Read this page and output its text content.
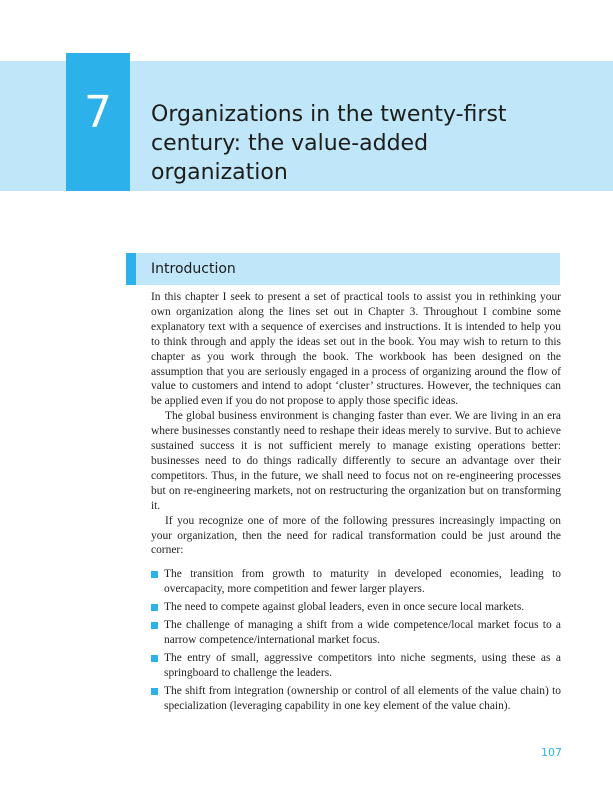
7	Organizations in the twenty-first century: the value-added organization
Introduction

In this chapter I seek to present a set of practical tools to assist you in rethinking your own organization along the lines set out in Chapter 3. Throughout I combine some explanatory text with a sequence of exercises and instructions. It is intended to help you to think through and apply the ideas set out in the book. You may wish to return to this chapter as you work through the book. The workbook has been designed on the assumption that you are seriously engaged in a process of organizing around the flow of value to customers and intend to adopt ‘cluster’ structures. However, the techniques can be applied even if you do not propose to apply those specific ideas.

The global business environment is changing faster than ever. We are living in an era where businesses constantly need to reshape their ideas merely to survive. But to achieve sustained success it is not sufficient merely to manage existing operations better: businesses need to do things radically differently to secure an advantage over their competitors. Thus, in the future, we shall need to focus not on re-engineering processes but on re-engineering markets, not on restructuring the organization but on transforming it.

If you recognize one of more of the following pressures increasingly impacting on your organization, then the need for radical transformation could be just around the corner:

The transition from growth to maturity in developed economies, leading to overcapacity, more competition and fewer larger players.
The need to compete against global leaders, even in once secure local markets.
The challenge of managing a shift from a wide competence/local market focus to a narrow competence/international market focus.
The entry of small, aggressive competitors into niche segments, using these as a springboard to challenge the leaders.
The shift from integration (ownership or control of all elements of the value chain) to specialization (leveraging capability in one key element of the value chain).
107
